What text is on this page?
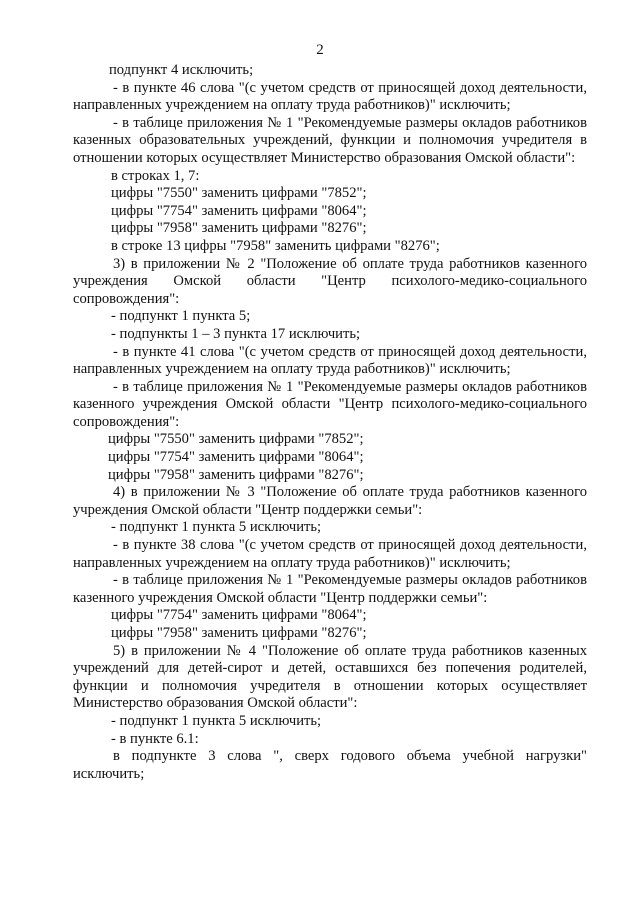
2

подпункт 4 исключить;

- в пункте 46 слова "(с учетом средств от приносящей доход деятельности, направленных учреждением на оплату труда работников)" исключить;

- в таблице приложения № 1 "Рекомендуемые размеры окладов работников казенных образовательных учреждений, функции и полномочия учредителя в отношении которых осуществляет Министерство образования Омской области":

в строках 1, 7:

цифры "7550" заменить цифрами "7852";

цифры "7754" заменить цифрами "8064";

цифры "7958" заменить цифрами "8276";

в строке 13 цифры "7958" заменить цифрами "8276";

3) в приложении № 2 "Положение об оплате труда работников казенного учреждения Омской области "Центр психолого-медико-социального сопровождения":

- подпункт 1 пункта 5;

- подпункты 1 – 3 пункта 17 исключить;

- в пункте 41 слова "(с учетом средств от приносящей доход деятельности, направленных учреждением на оплату труда работников)" исключить;

- в таблице приложения № 1 "Рекомендуемые размеры окладов работников казенного учреждения Омской области "Центр психолого-медико-социального сопровождения":

цифры "7550" заменить цифрами "7852";

цифры "7754" заменить цифрами "8064";

цифры "7958" заменить цифрами "8276";

4) в приложении № 3 "Положение об оплате труда работников казенного учреждения Омской области "Центр поддержки семьи":

- подпункт 1 пункта 5 исключить;

- в пункте 38 слова "(с учетом средств от приносящей доход деятельности, направленных учреждением на оплату труда работников)" исключить;

- в таблице приложения № 1 "Рекомендуемые размеры окладов работников казенного учреждения Омской области "Центр поддержки семьи":

цифры "7754" заменить цифрами "8064";

цифры "7958" заменить цифрами "8276";

5) в приложении № 4 "Положение об оплате труда работников казенных учреждений для детей-сирот и детей, оставшихся без попечения родителей, функции и полномочия учредителя в отношении которых осуществляет Министерство образования Омской области":

- подпункт 1 пункта 5 исключить;

- в пункте 6.1:

в подпункте 3 слова ", сверх годового объема учебной нагрузки" исключить;
